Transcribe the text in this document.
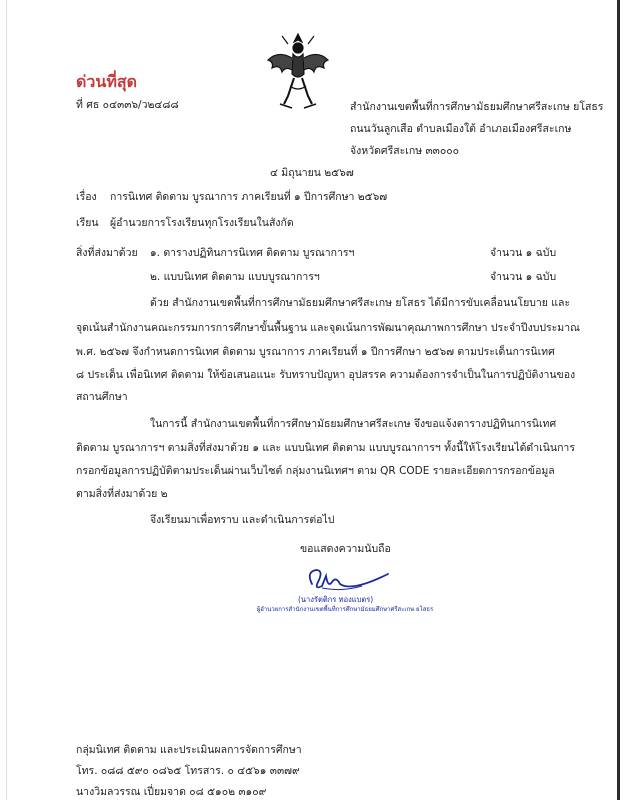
ด่วนที่สุด
ที่ ศธ ๐๔๓๓๖/ว๒๔๘๘	สำนักงานเขตพื้นที่การศึกษามัธยมศึกษาศรีสะเกษ ยโสธร
ถนนวันลูกเสือ ตำบลเมืองใต้ อำเภอเมืองศรีสะเกษ
จังหวัดศรีสะเกษ ๓๓๐๐๐
๔ มิถุนายน ๒๕๖๗
เรื่อง การนิเทศ ติดตาม บูรณาการ ภาคเรียนที่ ๑ ปีการศึกษา ๒๕๖๗
เรียน ผู้อำนวยการโรงเรียนทุกโรงเรียนในสังกัด
สิ่งที่ส่งมาด้วย ๑. ตารางปฏิทินการนิเทศ ติดตาม บูรณาการฯ	จำนวน ๑ ฉบับ
๒. แบบนิเทศ ติดตาม แบบบูรณาการฯ	จำนวน ๑ ฉบับ
ด้วย สำนักงานเขตพื้นที่การศึกษามัธยมศึกษาศรีสะเกษ ยโสธร ได้มีการขับเคลื่อนนโยบาย และ
จุดเน้นสำนักงานคณะกรรมการการศึกษาขั้นพื้นฐาน และจุดเน้นการพัฒนาคุณภาพการศึกษา ประจำปีงบประมาณ
พ.ศ. ๒๕๖๗ จึงกำหนดการนิเทศ ติดตาม บูรณาการ ภาคเรียนที่ ๑ ปีการศึกษา ๒๕๖๗ ตามประเด็นการนิเทศ
๘ ประเด็น เพื่อนิเทศ ติดตาม ให้ข้อเสนอแนะ รับทราบปัญหา อุปสรรค ความต้องการจำเป็นในการปฏิบัติงานของ
สถานศึกษา
ในการนี้ สำนักงานเขตพื้นที่การศึกษามัธยมศึกษาศรีสะเกษ จึงขอแจ้งตารางปฏิทินการนิเทศ
ติดตาม บูรณาการฯ ตามสิ่งที่ส่งมาด้วย ๑ และ แบบนิเทศ ติดตาม แบบบูรณาการฯ ทั้งนี้ให้โรงเรียนได้ดำเนินการ
กรอกข้อมูลการปฏิบัติตามประเด็นผ่านเว็บไซต์ กลุ่มงานนิเทศฯ ตาม QR CODE รายละเอียดการกรอกข้อมูล
ตามสิ่งที่ส่งมาด้วย ๒
จึงเรียนมาเพื่อทราบ และดำเนินการต่อไป
ขอแสดงความนับถือ
(นางรัตติกร ทองแบตร)
ผู้อำนวยการสำนักงานเขตพื้นที่การศึกษามัธยมศึกษาศรีสะเกษ ยโสธร
กลุ่มนิเทศ ติดตาม และประเมินผลการจัดการศึกษา
โทร. ๐๘๘ ๕๙๐ ๐๘๖๕ โทรสาร. ๐ ๔๕๖๑ ๓๓๗๙
นางวิมลวรรณ เปี่ยมจาด ๐๘ ๕๑๐๒ ๓๑๐๙
